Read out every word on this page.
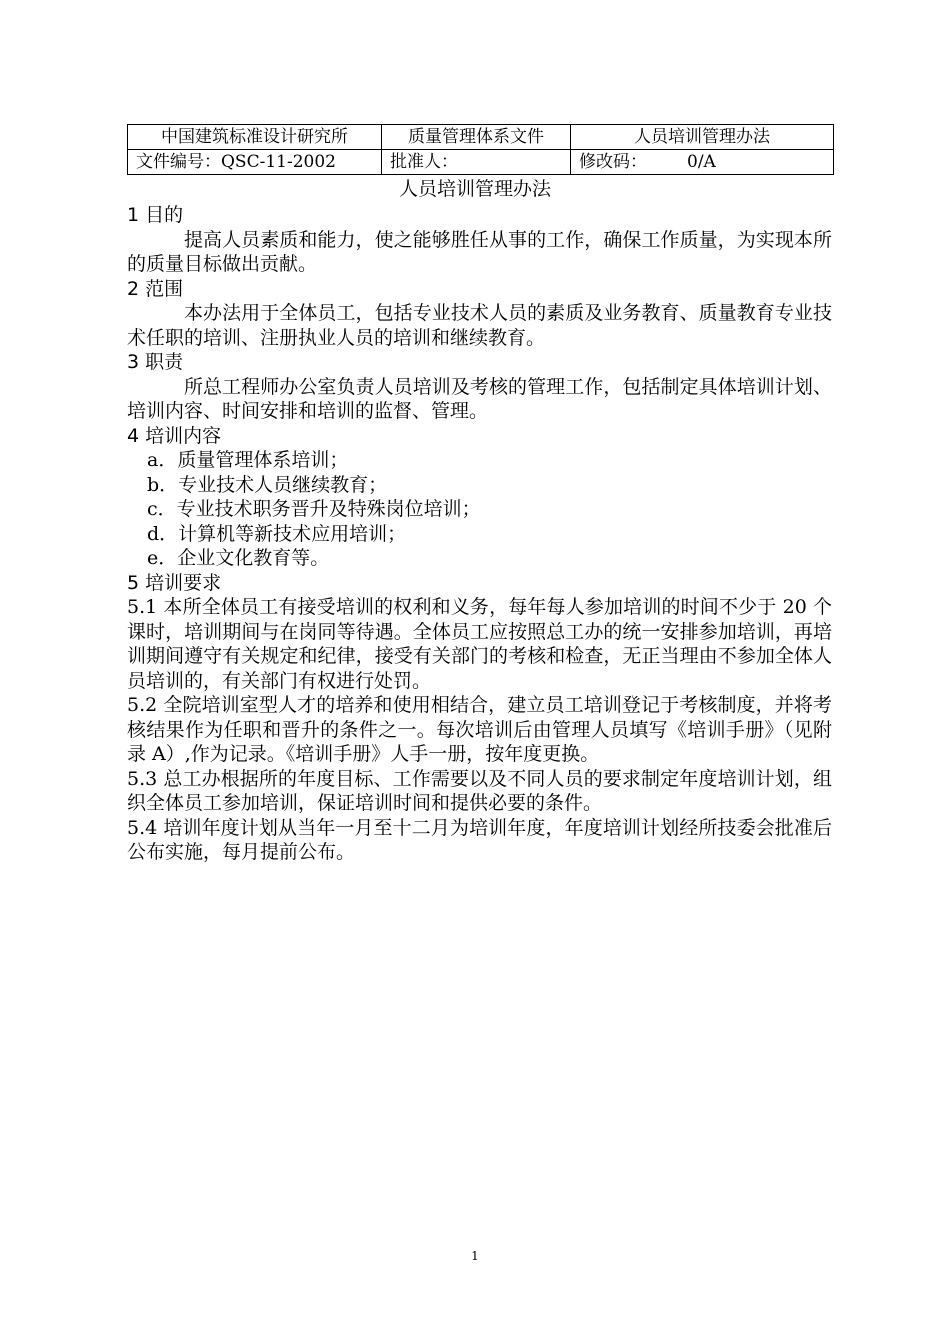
中国建筑标准设计研究所	质量管理体系文件	人员培训管理办法
文件编号：QSC-11-2002	批准人：	修改码： 0/A
人员培训管理办法
1 目的

提高人员素质和能力，使之能够胜任从事的工作，确保工作质量，为实现本所的质量目标做出贡献。

2 范围

本办法用于全体员工，包括专业技术人员的素质及业务教育、质量教育专业技术任职的培训、注册执业人员的培训和继续教育。

3 职责

所总工程师办公室负责人员培训及考核的管理工作，包括制定具体培训计划、培训内容、时间安排和培训的监督、管理。

4 培训内容
a．质量管理体系培训；
b．专业技术人员继续教育；
c．专业技术职务晋升及特殊岗位培训；
d．计算机等新技术应用培训；
e．企业文化教育等。
5 培训要求

5.1 本所全体员工有接受培训的权利和义务，每年每人参加培训的时间不少于 20 个课时，培训期间与在岗同等待遇。全体员工应按照总工办的统一安排参加培训，再培训期间遵守有关规定和纪律，接受有关部门的考核和检查，无正当理由不参加全体人员培训的，有关部门有权进行处罚。

5.2 全院培训室型人才的培养和使用相结合，建立员工培训登记于考核制度，并将考核结果作为任职和晋升的条件之一。每次培训后由管理人员填写《培训手册》（见附录 A）,作为记录。《培训手册》人手一册，按年度更换。

5.3 总工办根据所的年度目标、工作需要以及不同人员的要求制定年度培训计划，组织全体员工参加培训，保证培训时间和提供必要的条件。

5.4 培训年度计划从当年一月至十二月为培训年度，年度培训计划经所技委会批准后公布实施，每月提前公布。

1
